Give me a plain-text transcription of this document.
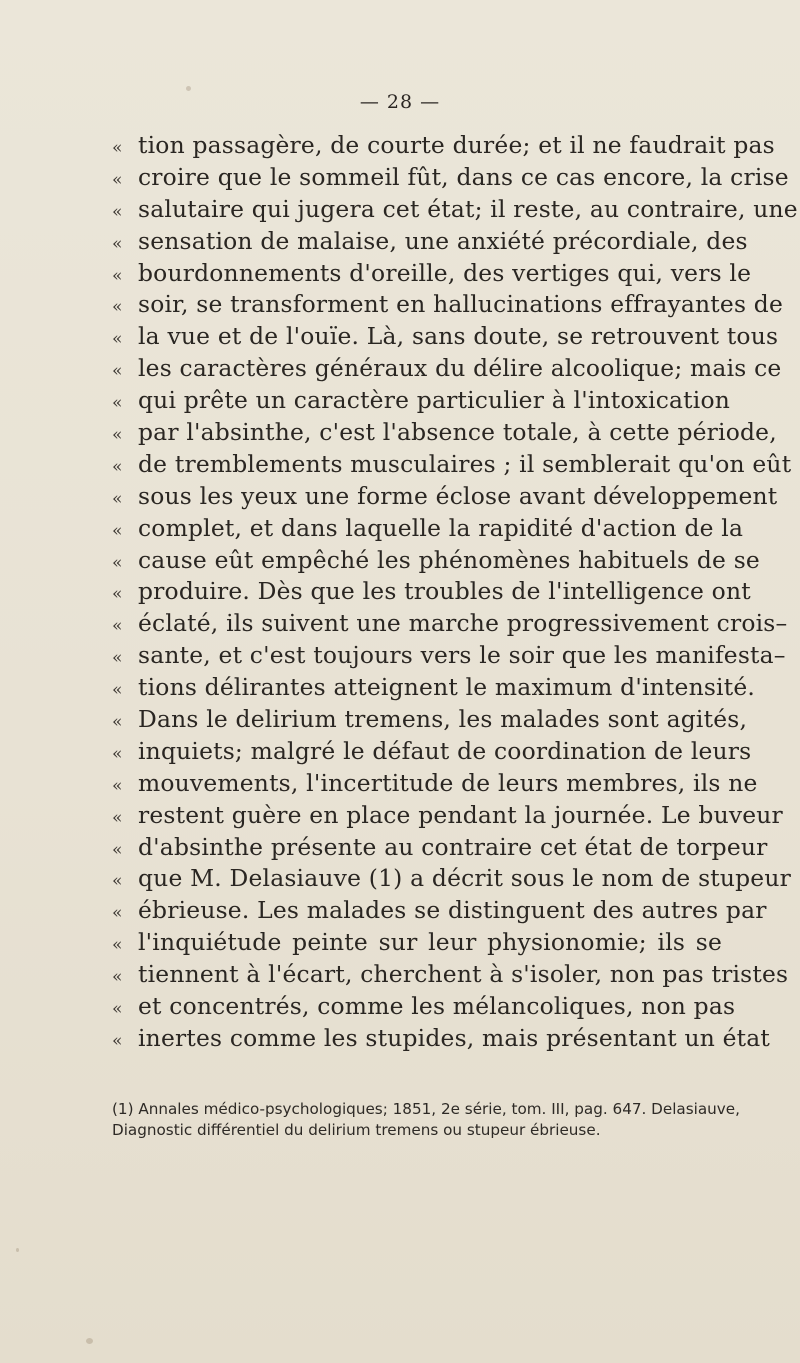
— 28 —
« tion passagère, de courte durée; et il ne faudrait pas
« croire que le sommeil fût, dans ce cas encore, la crise
« salutaire qui jugera cet état; il reste, au contraire, une
« sensation de malaise, une anxiété précordiale, des
« bourdonnements d'oreille, des vertiges qui, vers le
« soir, se transforment en hallucinations effrayantes de
« la vue et de l'ouïe. Là, sans doute, se retrouvent tous
« les caractères généraux du délire alcoolique; mais ce
« qui prête un caractère particulier à l'intoxication
« par l'absinthe, c'est l'absence totale, à cette période,
« de tremblements musculaires ; il semblerait qu'on eût
« sous les yeux une forme éclose avant développement
« complet, et dans laquelle la rapidité d'action de la
« cause eût empêché les phénomènes habituels de se
« produire. Dès que les troubles de l'intelligence ont
« éclaté, ils suivent une marche progressivement crois–
« sante, et c'est toujours vers le soir que les manifesta–
« tions délirantes atteignent le maximum d'intensité.
« Dans le delirium tremens, les malades sont agités,
« inquiets; malgré le défaut de coordination de leurs
« mouvements, l'incertitude de leurs membres, ils ne
« restent guère en place pendant la journée. Le buveur
« d'absinthe présente au contraire cet état de torpeur
« que M. Delasiauve (1) a décrit sous le nom de stupeur
« ébrieuse. Les malades se distinguent des autres par
« l'inquiétude peinte sur leur physionomie; ils se
« tiennent à l'écart, cherchent à s'isoler, non pas tristes
« et concentrés, comme les mélancoliques, non pas
« inertes comme les stupides, mais présentant un état
(1) Annales médico-psychologiques; 1851, 2e série, tom. III, pag. 647. Delasiauve,
Diagnostic différentiel du delirium tremens ou stupeur ébrieuse.
